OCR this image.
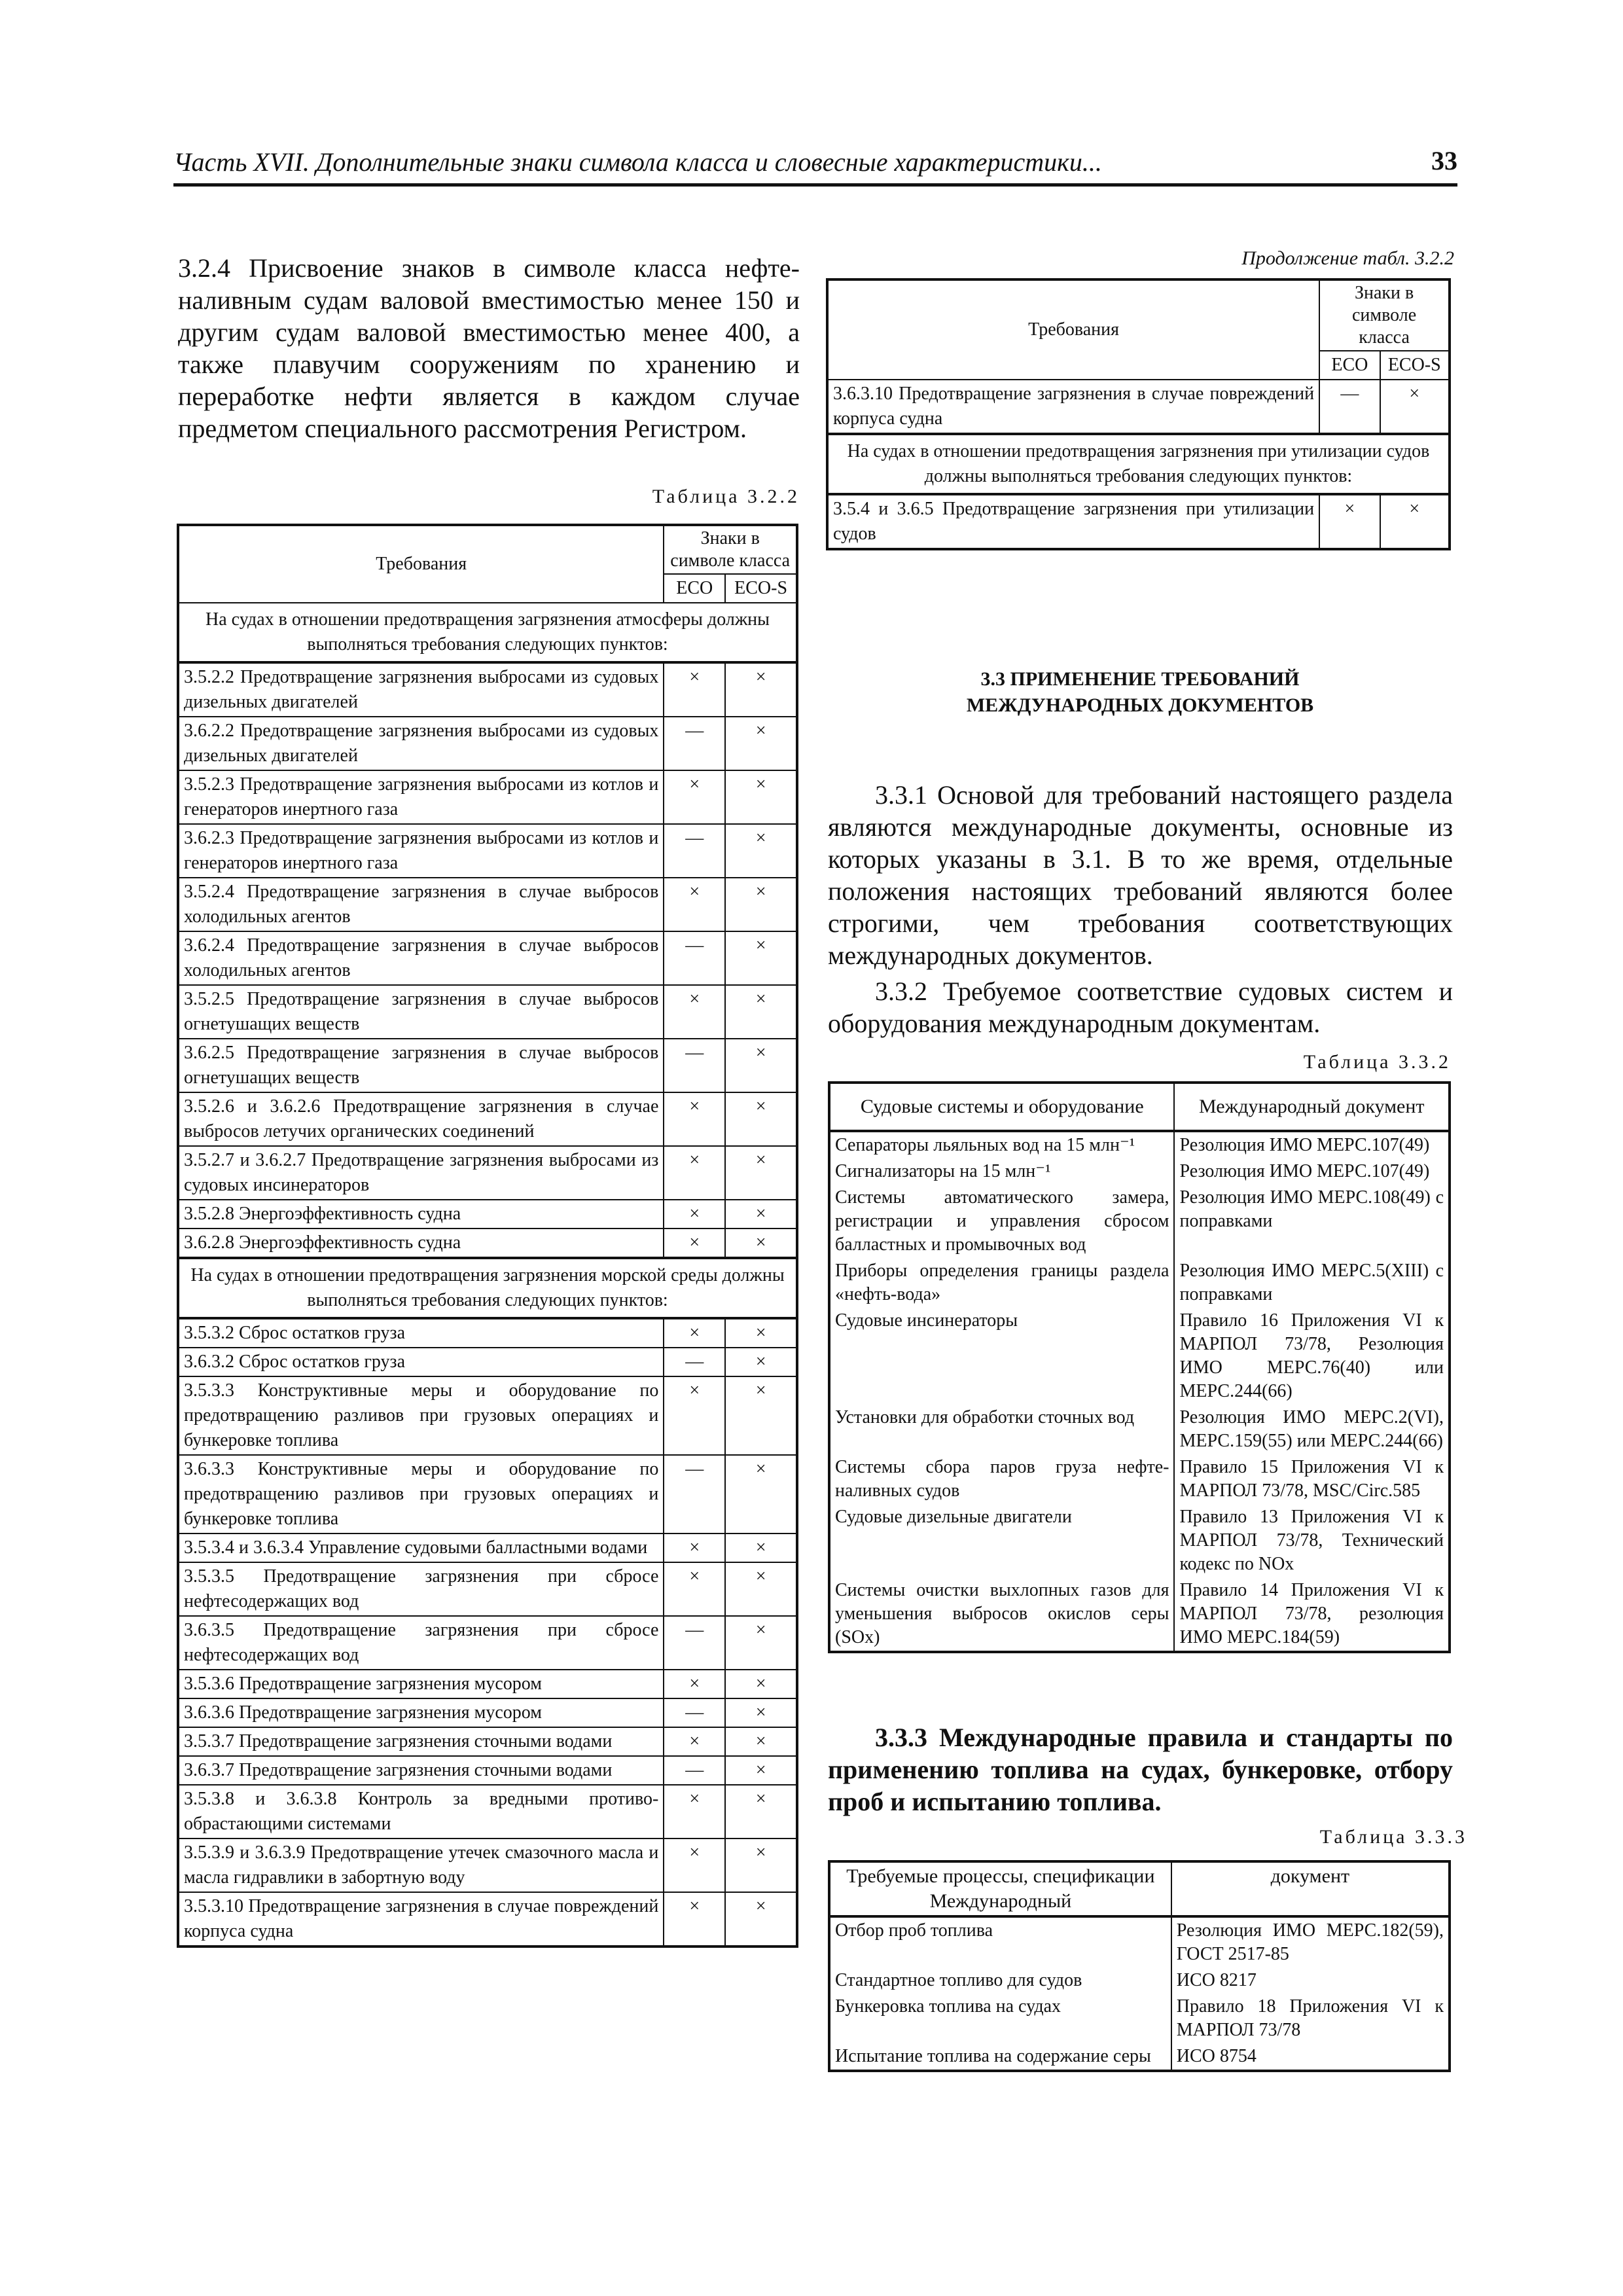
Часть XVII. Дополнительные знаки символа класса и словесные характеристики...	33

3.2.4 Присвоение знаков в символе класса нефтеналивным судам валовой вместимостью менее 150 и другим судам валовой вместимостью менее 400, а также плавучим сооружениям по хранению и переработке нефти является в каждом случае предметом специального рассмотрения Регистром.

Таблица 3.2.2
Требования	Знаки в символе класса	
	ECO	ECO-S
На судах в отношении предотвращения загрязнения атмосферы должны выполняться требования следующих пунктов:		
3.5.2.2 Предотвращение загрязнения выбросами из судовых дизельных двигателей	×	×
3.6.2.2 Предотвращение загрязнения выбросами из судовых дизельных двигателей	—	×
3.5.2.3 Предотвращение загрязнения выбросами из котлов и генераторов инертного газа	×	×
3.6.2.3 Предотвращение загрязнения выбросами из котлов и генераторов инертного газа	—	×
3.5.2.4 Предотвращение загрязнения в случае выбросов холодильных агентов	×	×
3.6.2.4 Предотвращение загрязнения в случае выбросов холодильных агентов	—	×
3.5.2.5 Предотвращение загрязнения в случае выбросов огнетушащих веществ	×	×
3.6.2.5 Предотвращение загрязнения в случае выбросов огнетушащих веществ	—	×
3.5.2.6 и 3.6.2.6 Предотвращение загрязнения в случае выбросов летучих органических соединений	×	×
3.5.2.7 и 3.6.2.7 Предотвращение загрязнения выбросами из судовых инсинераторов	×	×
3.5.2.8 Энергоэффективность судна	×	×
3.6.2.8 Энергоэффективность судна	×	×
На судах в отношении предотвращения загрязнения морской среды должны выполняться требования следующих пунктов:		
3.5.3.2 Сброс остатков груза	×	×
3.6.3.2 Сброс остатков груза	—	×
3.5.3.3 Конструктивные меры и оборудование по предотвращению разливов при грузовых операциях и бункеровке топлива	×	×
3.6.3.3 Конструктивные меры и оборудование по предотвращению разливов при грузовых операциях и бункеровке топлива	—	×
3.5.3.4 и 3.6.3.4 Управление судовыми баллаctными водами	×	×
3.5.3.5 Предотвращение загрязнения при сбросе нефтесодержащих вод	×	×
3.6.3.5 Предотвращение загрязнения при сбросе нефтесодержащих вод	—	×
3.5.3.6 Предотвращение загрязнения мусором	×	×
3.6.3.6 Предотвращение загрязнения мусором	—	×
3.5.3.7 Предотвращение загрязнения сточными водами	×	×
3.6.3.7 Предотвращение загрязнения сточными водами	—	×
3.5.3.8 и 3.6.3.8 Контроль за вредными противообрастающими системами	×	×
3.5.3.9 и 3.6.3.9 Предотвращение утечек смазочного масла и масла гидравлики в забортную воду	×	×
3.5.3.10 Предотвращение загрязнения в случае повреждений корпуса судна	×	×
Продолжение табл. 3.2.2
Требования	Знаки в символе класса	
	ECO	ECO-S
3.6.3.10 Предотвращение загрязнения в случае повреждений корпуса судна	—	×
На судах в отношении предотвращения загрязнения при утилизации судов должны выполняться требования следующих пунктов:		
3.5.4 и 3.6.5 Предотвращение загрязнения при утилизации судов	×	×
3.3 ПРИМЕНЕНИЕ ТРЕБОВАНИЙ
МЕЖДУНАРОДНЫХ ДОКУМЕНТОВ

3.3.1 Основой для требований настоящего раздела являются международные документы, основные из которых указаны в 3.1. В то же время, отдельные положения настоящих требований являются более строгими, чем требования соответствующих международных документов.

3.3.2 Требуемое соответствие судовых систем и оборудования международным документам.

Таблица 3.3.2
Судовые системы и оборудование	Международный документ
Сепараторы льяльных вод на 15 млн⁻¹	Резолюция ИМО МЕРС.107(49)
Сигнализаторы на 15 млн⁻¹	Резолюция ИМО МЕРС.107(49)
Системы автоматического замера, регистрации и управления сбросом балластных и промывочных вод	Резолюция ИМО МЕРС.108(49) с поправками
Приборы определения границы раздела «нефть-вода»	Резолюция ИМО МЕРС.5(XIII) с поправками
Судовые инсинераторы	Правило 16 Приложения VI к МАРПОЛ 73/78, Резолюция ИМО МЕРС.76(40) или МЕРС.244(66)
Установки для обработки сточных вод	Резолюция ИМО МЕРС.2(VI), МЕРС.159(55) или МЕРС.244(66)
Системы сбора паров груза нефтеналивных судов	Правило 15 Приложения VI к МАРПОЛ 73/78, MSC/Circ.585
Судовые дизельные двигатели	Правило 13 Приложения VI к МАРПОЛ 73/78, Технический кодекс по NOx
Системы очистки выхлопных газов для уменьшения выбросов окислов серы (SOx)	Правило 14 Приложения VI к МАРПОЛ 73/78, резолюция ИМО МЕРС.184(59)

3.3.3 Международные правила и стандарты по применению топлива на судах, бункеровке, отбору проб и испытанию топлива.

Таблица 3.3.3
Требуемые процессы, спецификации Международный	документ
Отбор проб топлива	Резолюция ИМО МЕРС.182(59), ГОСТ 2517-85
Стандартное топливо для судов	ИСО 8217
Бункеровка топлива на судах	Правило 18 Приложения VI к МАРПОЛ 73/78
Испытание топлива на содержание серы	ИСО 8754
